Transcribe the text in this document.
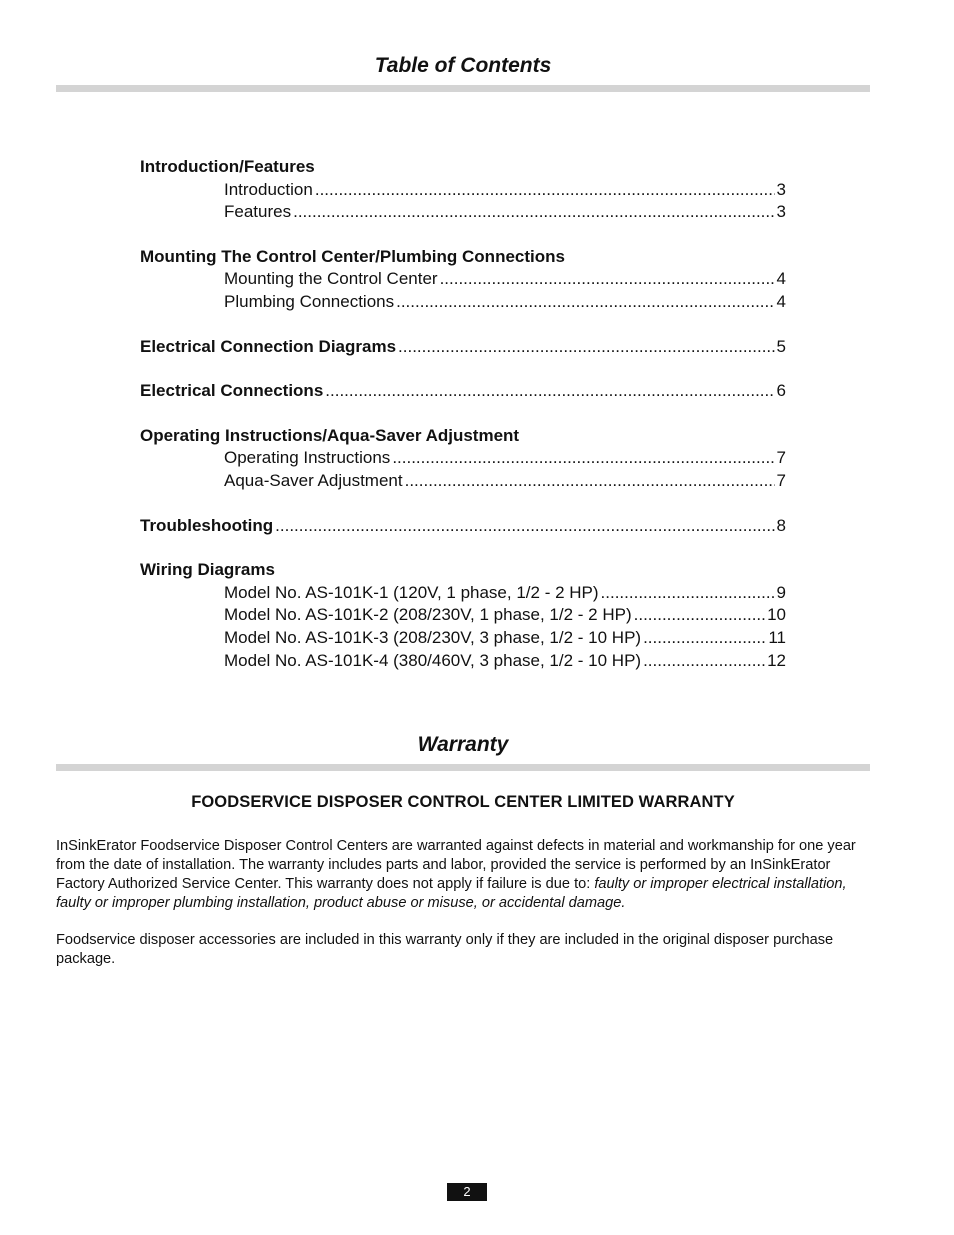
Table of Contents
Introduction/Features
Introduction .....	3
Features .....	3
Mounting The Control Center/Plumbing Connections
Mounting the Control Center .....	4
Plumbing Connections .....	4
Electrical Connection Diagrams .....	5
Electrical Connections .....	6
Operating Instructions/Aqua-Saver Adjustment
Operating Instructions .....	7
Aqua-Saver Adjustment .....	7
Troubleshooting .....	8
Wiring Diagrams
Model No. AS-101K-1 (120V, 1 phase, 1/2 - 2 HP) .....	9
Model No. AS-101K-2 (208/230V, 1 phase, 1/2 - 2 HP) .....	10
Model No. AS-101K-3 (208/230V, 3 phase, 1/2 - 10 HP) .....	11
Model No. AS-101K-4 (380/460V, 3 phase, 1/2 - 10 HP) .....	12
Warranty
FOODSERVICE DISPOSER CONTROL CENTER LIMITED WARRANTY
InSinkErator Foodservice Disposer Control Centers are warranted against defects in material and workmanship for one year from the date of installation. The warranty includes parts and labor, provided the service is performed by an InSinkErator Factory Authorized Service Center. This warranty does not apply if failure is due to: faulty or improper electrical installation, faulty or improper plumbing installation, product abuse or misuse, or accidental damage.
Foodservice disposer accessories are included in this warranty only if they are included in the original disposer purchase package.
2
